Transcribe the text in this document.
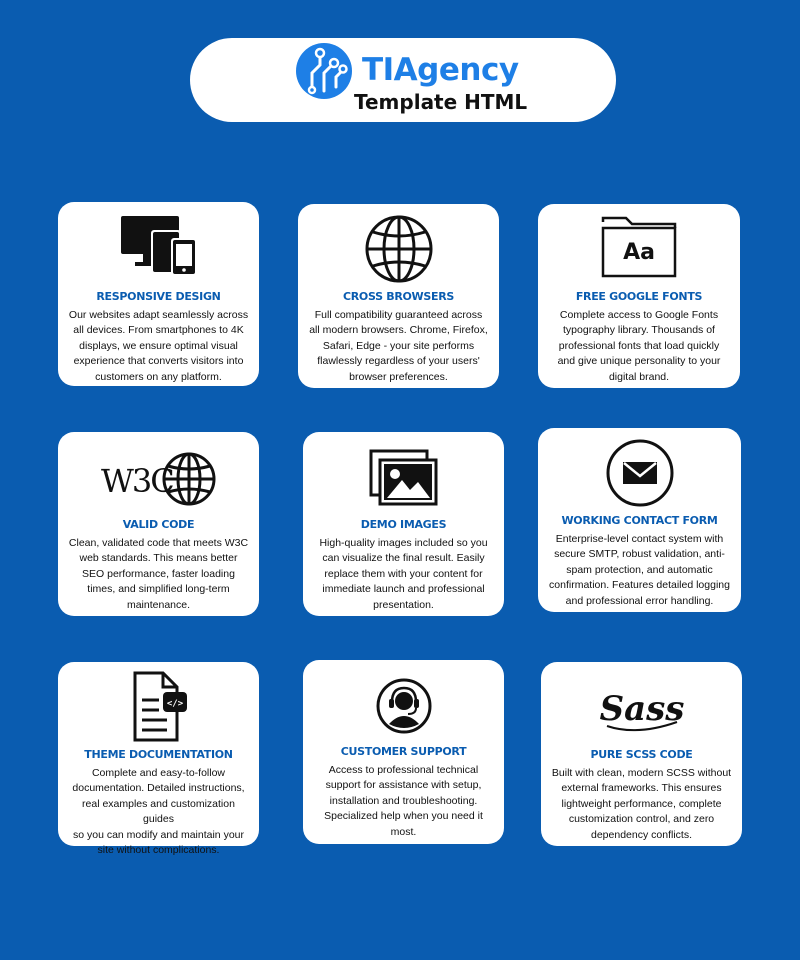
TIAgency
Template HTML
RESPONSIVE DESIGN
Our websites adapt seamlessly across
all devices. From smartphones to 4K
displays, we ensure optimal visual
experience that converts visitors into
customers on any platform.
CROSS BROWSERS
Full compatibility guaranteed across
all modern browsers. Chrome, Firefox,
Safari, Edge - your site performs
flawlessly regardless of your users'
browser preferences.
Aa
FREE GOOGLE FONTS
Complete access to Google Fonts
typography library. Thousands of
professional fonts that load quickly
and give unique personality to your
digital brand.
W3C
VALID CODE
Clean, validated code that meets W3C
web standards. This means better
SEO performance, faster loading
times, and simplified long-term
maintenance.
DEMO IMAGES
High-quality images included so you
can visualize the final result. Easily
replace them with your content for
immediate launch and professional
presentation.
WORKING CONTACT FORM
Enterprise-level contact system with
secure SMTP, robust validation, anti-
spam protection, and automatic
confirmation. Features detailed logging
and professional error handling.
</>
THEME DOCUMENTATION
Complete and easy-to-follow
documentation. Detailed instructions,
real examples and customization guides
so you can modify and maintain your
site without complications.
CUSTOMER SUPPORT
Access to professional technical
support for assistance with setup,
installation and troubleshooting.
Specialized help when you need it most.
Sass
PURE SCSS CODE
Built with clean, modern SCSS without
external frameworks. This ensures
lightweight performance, complete
customization control, and zero
dependency conflicts.
